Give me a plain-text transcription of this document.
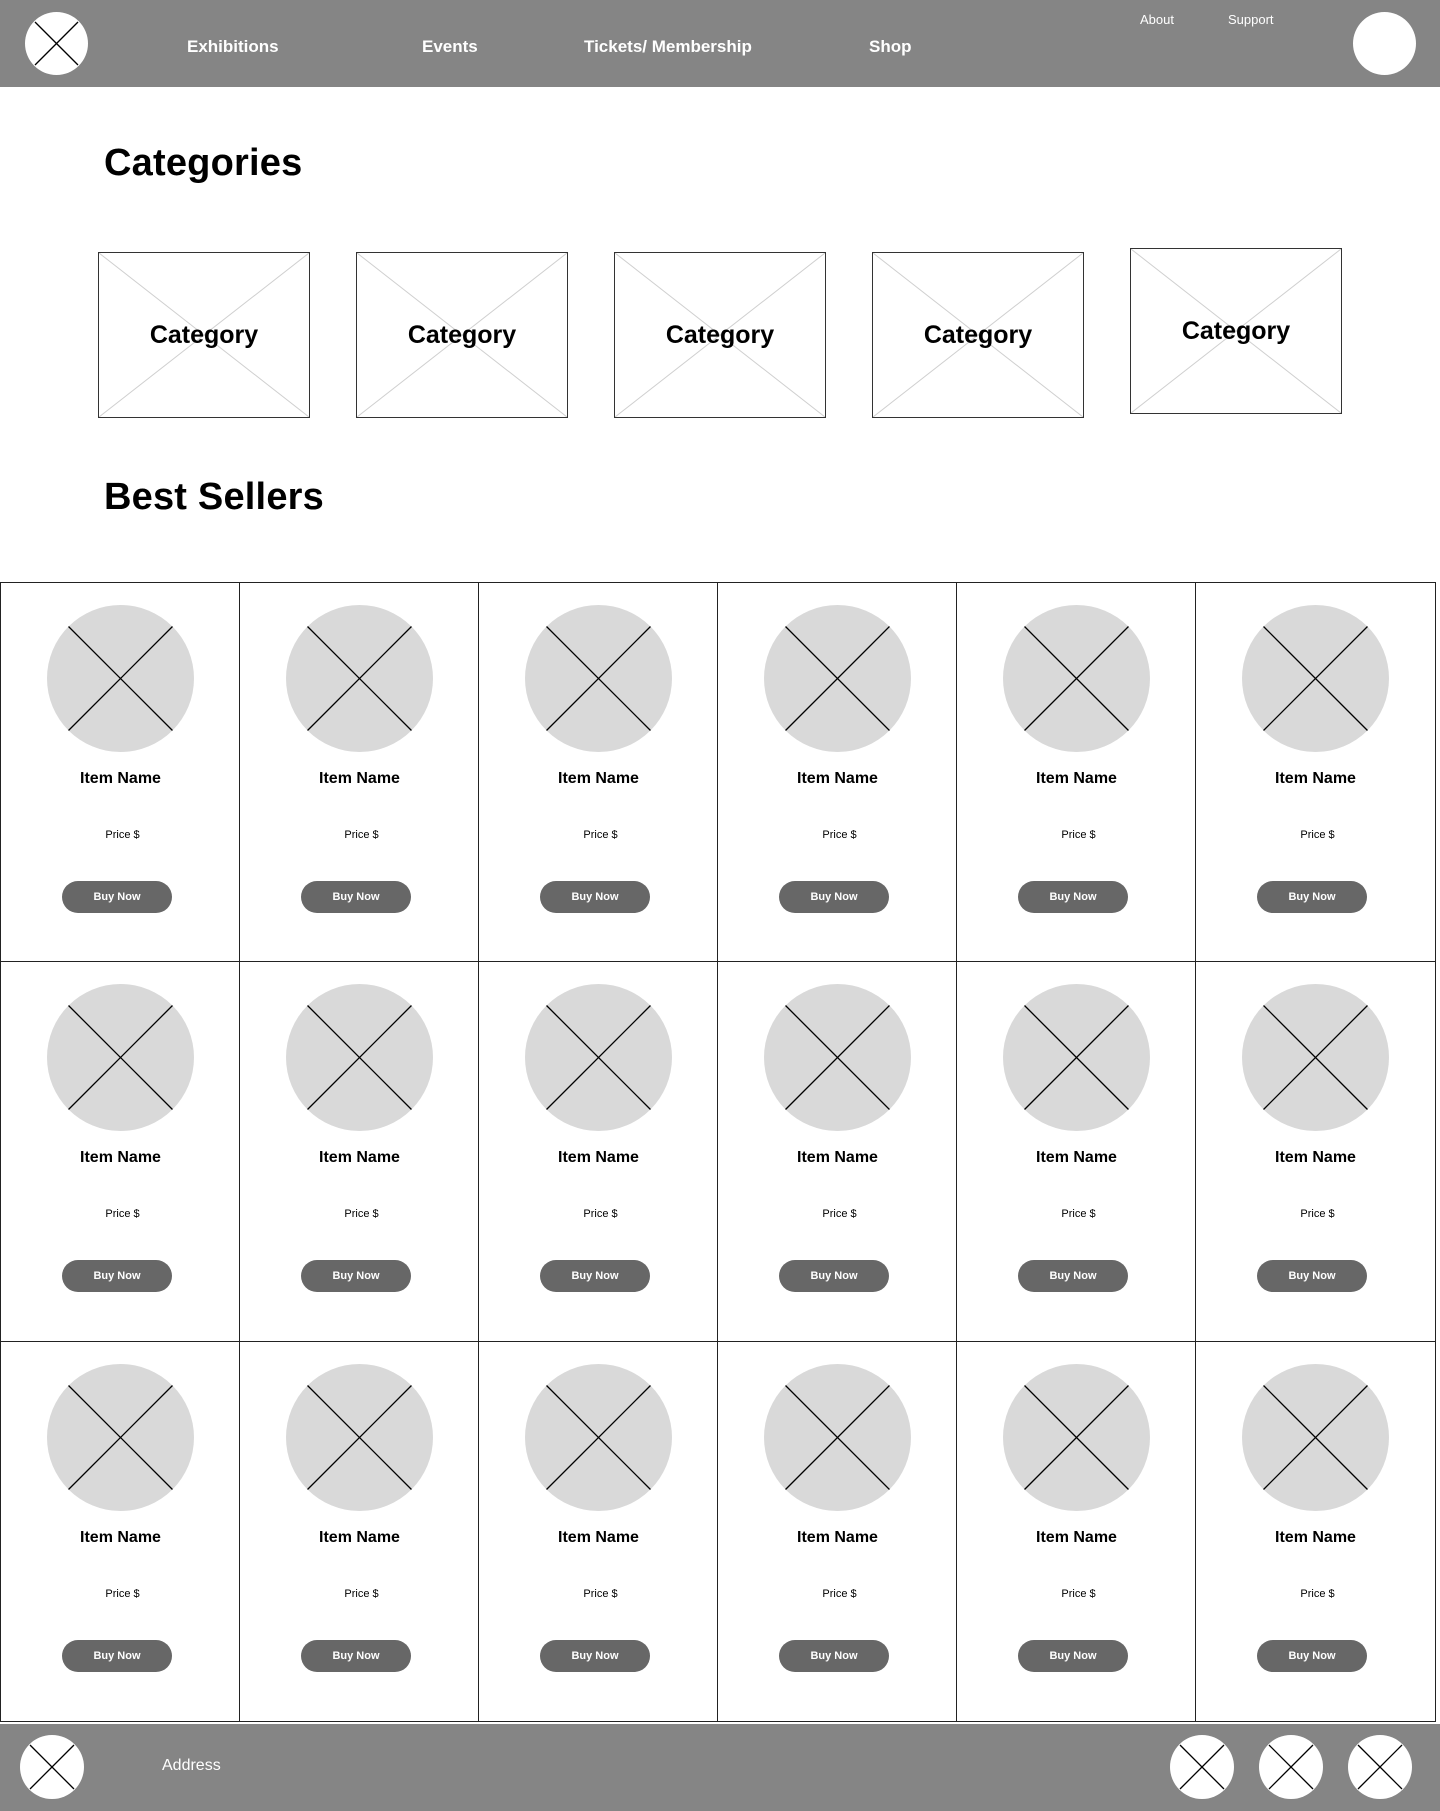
Exhibitions	Events	Tickets/ Membership	Shop
About	Support
Categories
Category	Category	Category	Category	Category
Best Sellers
Item Name
Price $
Buy Now
Item Name
Price $
Buy Now
Item Name
Price $
Buy Now
Item Name
Price $
Buy Now
Item Name
Price $
Buy Now
Item Name
Price $
Buy Now
Item Name
Price $
Buy Now
Item Name
Price $
Buy Now
Item Name
Price $
Buy Now
Item Name
Price $
Buy Now
Item Name
Price $
Buy Now
Item Name
Price $
Buy Now
Item Name
Price $
Buy Now
Item Name
Price $
Buy Now
Item Name
Price $
Buy Now
Item Name
Price $
Buy Now
Item Name
Price $
Buy Now
Item Name
Price $
Buy Now
Address
